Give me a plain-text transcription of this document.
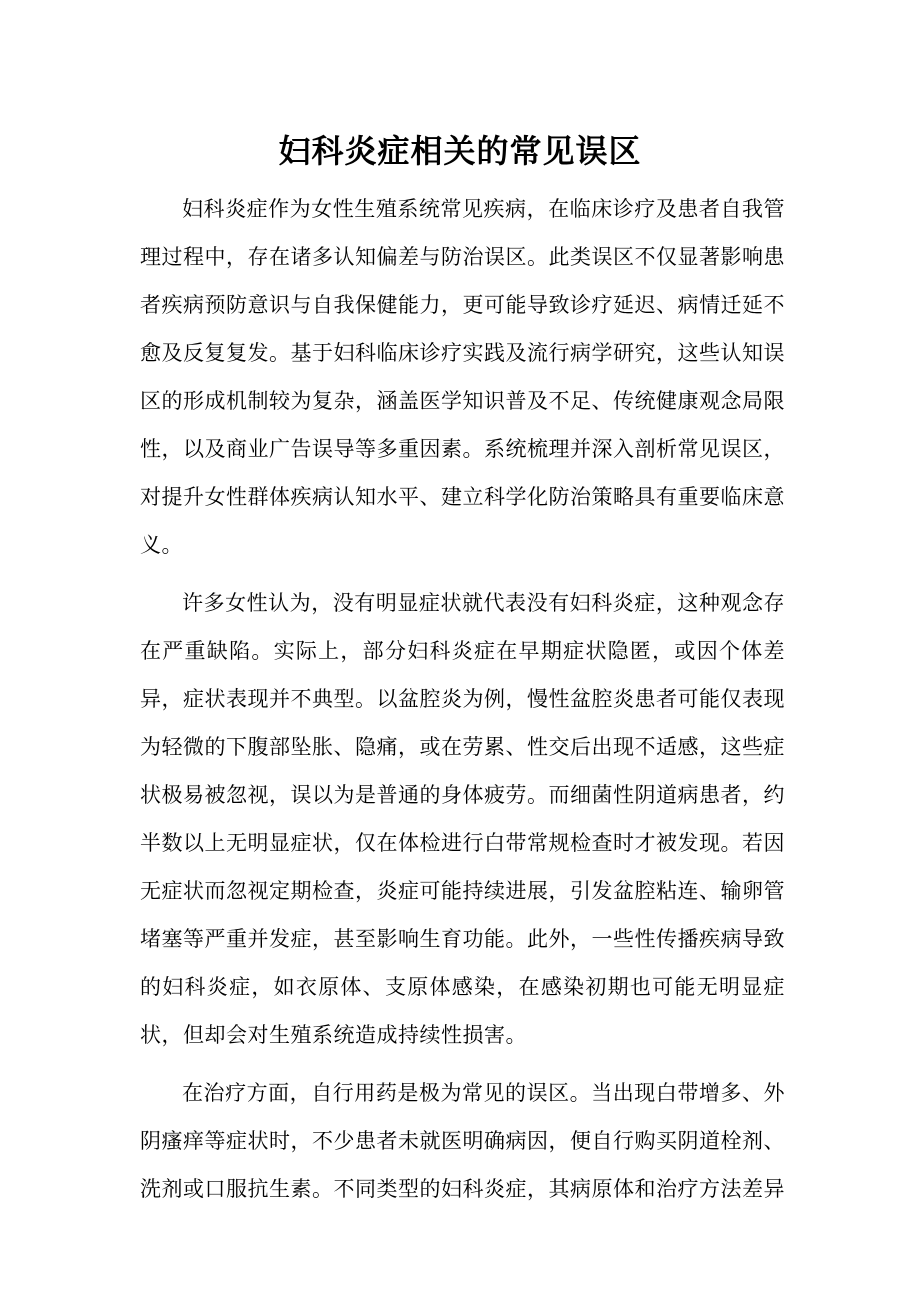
妇科炎症相关的常见误区

妇科炎症作为女性生殖系统常见疾病，在临床诊疗及患者自我管理过程中，存在诸多认知偏差与防治误区。此类误区不仅显著影响患者疾病预防意识与自我保健能力，更可能导致诊疗延迟、病情迁延不愈及反复复发。基于妇科临床诊疗实践及流行病学研究，这些认知误区的形成机制较为复杂，涵盖医学知识普及不足、传统健康观念局限性，以及商业广告误导等多重因素。系统梳理并深入剖析常见误区，对提升女性群体疾病认知水平、建立科学化防治策略具有重要临床意义。

许多女性认为，没有明显症状就代表没有妇科炎症，这种观念存在严重缺陷。实际上，部分妇科炎症在早期症状隐匿，或因个体差异，症状表现并不典型。以盆腔炎为例，慢性盆腔炎患者可能仅表现为轻微的下腹部坠胀、隐痛，或在劳累、性交后出现不适感，这些症状极易被忽视，误以为是普通的身体疲劳。而细菌性阴道病患者，约半数以上无明显症状，仅在体检进行白带常规检查时才被发现。若因无症状而忽视定期检查，炎症可能持续进展，引发盆腔粘连、输卵管堵塞等严重并发症，甚至影响生育功能。此外，一些性传播疾病导致的妇科炎症，如衣原体、支原体感染，在感染初期也可能无明显症状，但却会对生殖系统造成持续性损害。

在治疗方面，自行用药是极为常见的误区。当出现白带增多、外阴瘙痒等症状时，不少患者未就医明确病因，便自行购买阴道栓剂、洗剂或口服抗生素。不同类型的妇科炎症，其病原体和治疗方法差异
